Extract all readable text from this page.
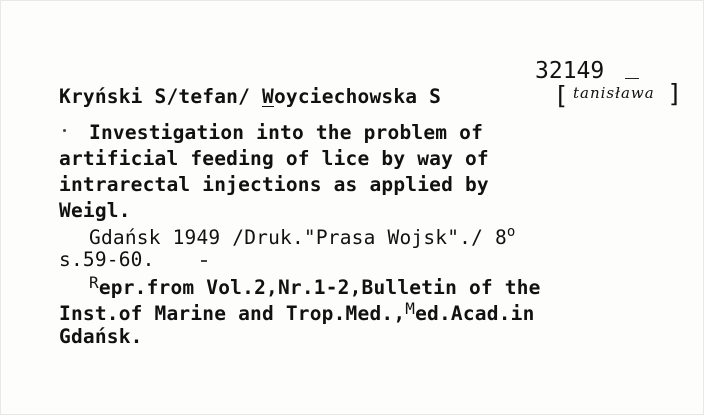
32149
Kryński S/tefan/ Woyciechowska S	[ tanisława ]
Investigation into the problem of
artificial feeding of lice by way of
intrarectal injections as applied by
Weigl.
Gdańsk 1949 /Druk."Prasa Wojsk"./ 8$^o$
s.59-60.
$^R$epr.from Vol.2,Nr.1-2,Bulletin of the
Inst.of Marine and Trop.Med.,$^M$ed.Acad.in
Gdańsk.
